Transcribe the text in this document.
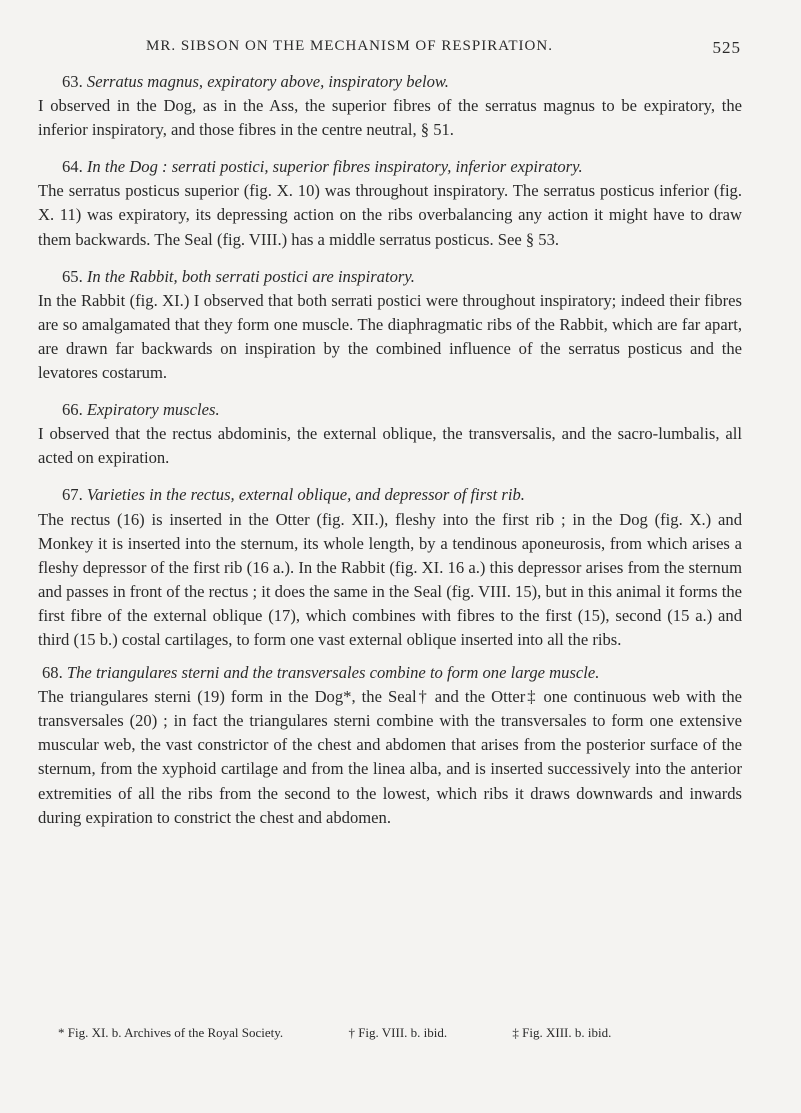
MR. SIBSON ON THE MECHANISM OF RESPIRATION.	525
63. Serratus magnus, expiratory above, inspiratory below.

I observed in the Dog, as in the Ass, the superior fibres of the serratus magnus to be expiratory, the inferior inspiratory, and those fibres in the centre neutral, § 51.

64. In the Dog : serrati postici, superior fibres inspiratory, inferior expiratory.

The serratus posticus superior (fig. X. 10) was throughout inspiratory. The serratus posticus inferior (fig. X. 11) was expiratory, its depressing action on the ribs overbalancing any action it might have to draw them backwards. The Seal (fig. VIII.) has a middle serratus posticus. See § 53.

65. In the Rabbit, both serrati postici are inspiratory.

In the Rabbit (fig. XI.) I observed that both serrati postici were throughout inspiratory; indeed their fibres are so amalgamated that they form one muscle. The diaphragmatic ribs of the Rabbit, which are far apart, are drawn far backwards on inspiration by the combined influence of the serratus posticus and the levatores costarum.

66. Expiratory muscles.

I observed that the rectus abdominis, the external oblique, the transversalis, and the sacro-lumbalis, all acted on expiration.

67. Varieties in the rectus, external oblique, and depressor of first rib.

The rectus (16) is inserted in the Otter (fig. XII.), fleshy into the first rib ; in the Dog (fig. X.) and Monkey it is inserted into the sternum, its whole length, by a tendinous aponeurosis, from which arises a fleshy depressor of the first rib (16 a.). In the Rabbit (fig. XI. 16 a.) this depressor arises from the sternum and passes in front of the rectus ; it does the same in the Seal (fig. VIII. 15), but in this animal it forms the first fibre of the external oblique (17), which combines with fibres to the first (15), second (15 a.) and third (15 b.) costal cartilages, to form one vast external oblique inserted into all the ribs.

68. The triangulares sterni and the transversales combine to form one large muscle.

The triangulares sterni (19) form in the Dog*, the Seal† and the Otter‡ one continuous web with the transversales (20) ; in fact the triangulares sterni combine with the transversales to form one extensive muscular web, the vast constrictor of the chest and abdomen that arises from the posterior surface of the sternum, from the xyphoid cartilage and from the linea alba, and is inserted successively into the anterior extremities of all the ribs from the second to the lowest, which ribs it draws downwards and inwards during expiration to constrict the chest and abdomen.

* Fig. XI. b. Archives of the Royal Society.	† Fig. VIII. b. ibid.	‡ Fig. XIII. b. ibid.
